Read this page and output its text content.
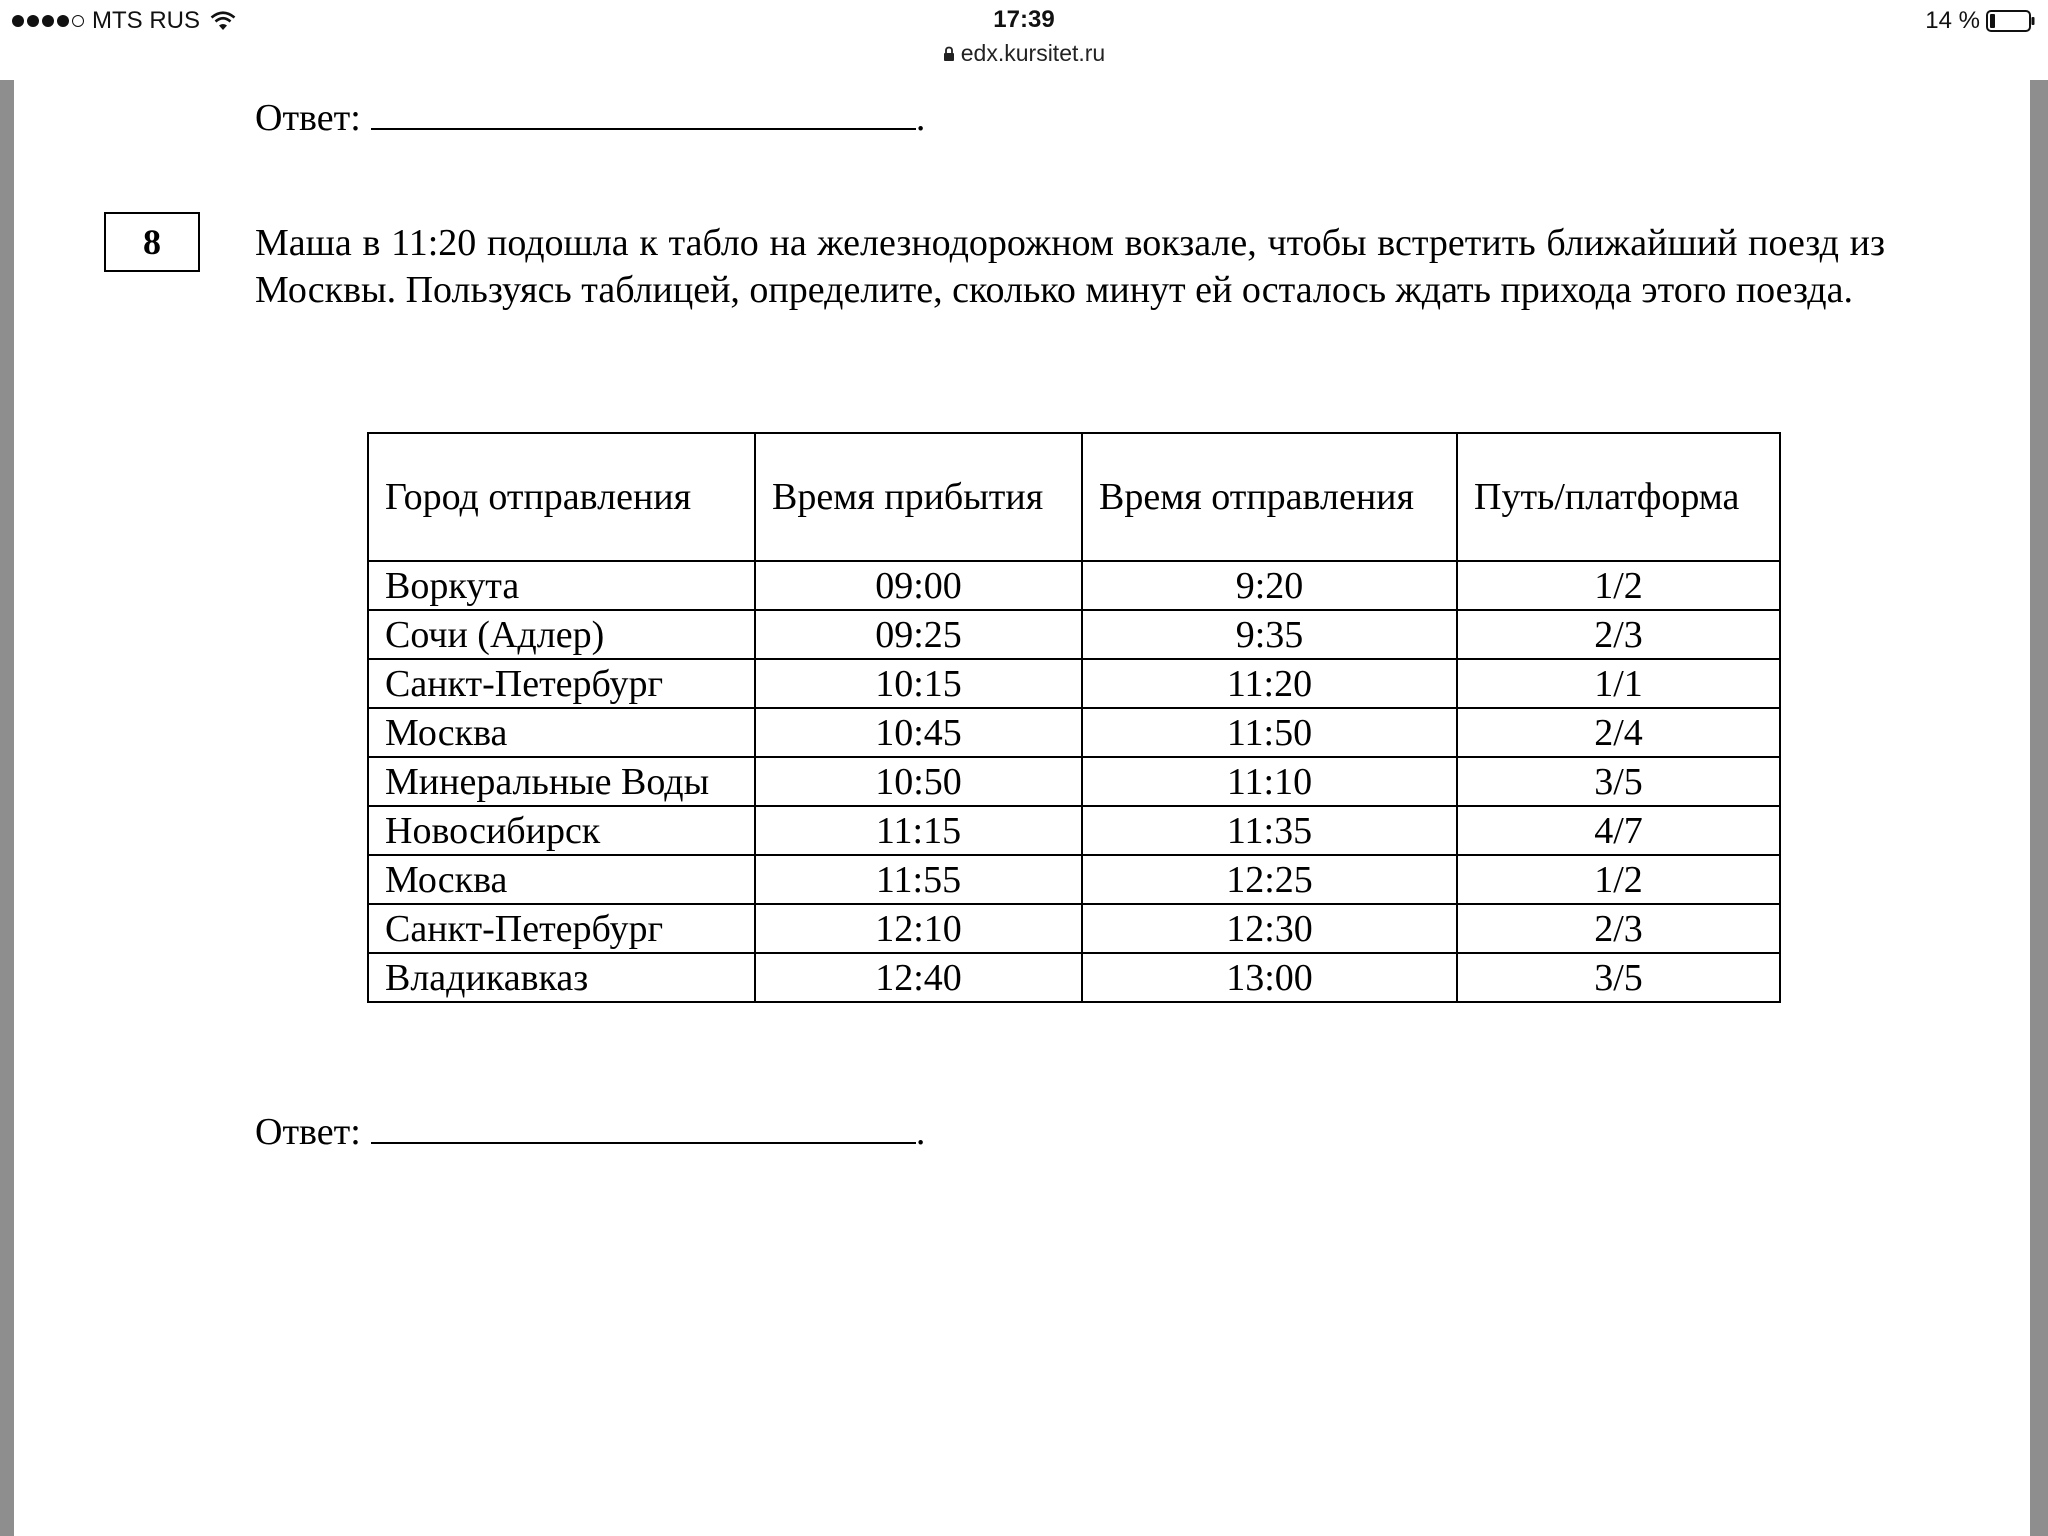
MTS RUS	17:39
edx.kursitet.ru
14 %
Ответ:	.
8	Маша в 11:20 подошла к табло на железнодорожном вокзале, чтобы встретить ближайший поезд из Москвы. Пользуясь таблицей, определите, сколько минут ей осталось ждать прихода этого поезда.
Город отправления	Время прибытия	Время отправления	Путь/платформа
Воркута	09:00	9:20	1/2
Сочи (Адлер)	09:25	9:35	2/3
Санкт-Петербург	10:15	11:20	1/1
Москва	10:45	11:50	2/4
Минеральные Воды	10:50	11:10	3/5
Новосибирск	11:15	11:35	4/7
Москва	11:55	12:25	1/2
Санкт-Петербург	12:10	12:30	2/3
Владикавказ	12:40	13:00	3/5
Ответ:	.
